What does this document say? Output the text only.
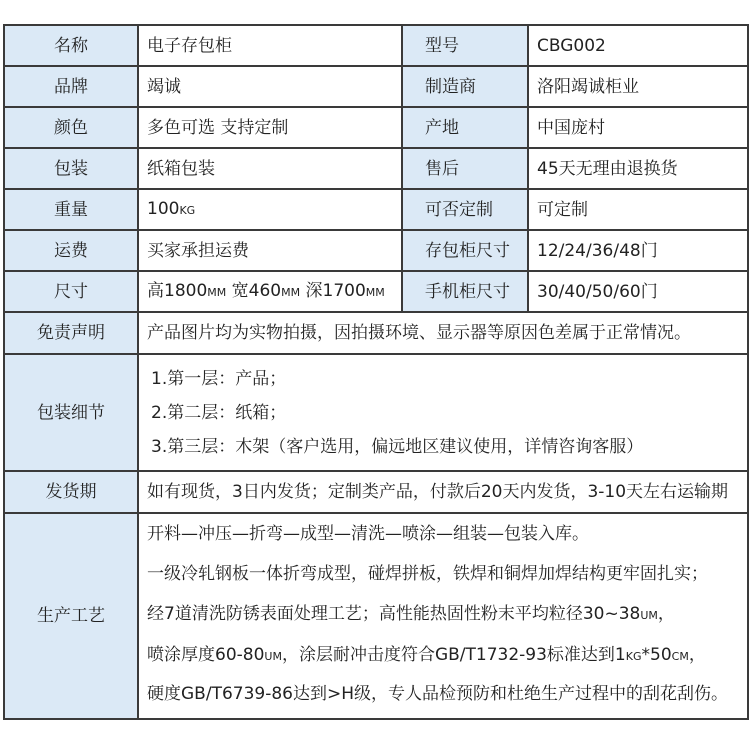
名称	电子存包柜	型号	CBG002
品牌	竭诚	制造商	洛阳竭诚柜业
颜色	多色可选 支持定制	产地	中国庞村
包装	纸箱包装	售后	45天无理由退换货
重量	100KG	可否定制	可定制
运费	买家承担运费	存包柜尺寸	12/24/36/48门
尺寸	高1800MM 宽460MM 深1700MM	手机柜尺寸	30/40/50/60门
免责声明	产品图片均为实物拍摄，因拍摄环境、显示器等原因色差属于正常情况。		
包装细节	1.第一层：产品；
2.第二层：纸箱；
3.第三层：木架（客户选用，偏远地区建议使用，详情咨询客服）		

发货期	如有现货，3日内发货；定制类产品，付款后20天内发货，3-10天左右运输期		
生产工艺	开料—冲压—折弯—成型—清洗—喷涂—组装—包装入库。
一级冷轧钢板一体折弯成型，碰焊拼板，铁焊和铜焊加焊结构更牢固扎实；
经7道清洗防锈表面处理工艺；高性能热固性粉末平均粒径30~38UM，
喷涂厚度60-80UM，涂层耐冲击度符合GB/T1732-93标准达到1KG*50CM，
硬度GB/T6739-86达到>H级，专人品检预防和杜绝生产过程中的刮花刮伤。		
